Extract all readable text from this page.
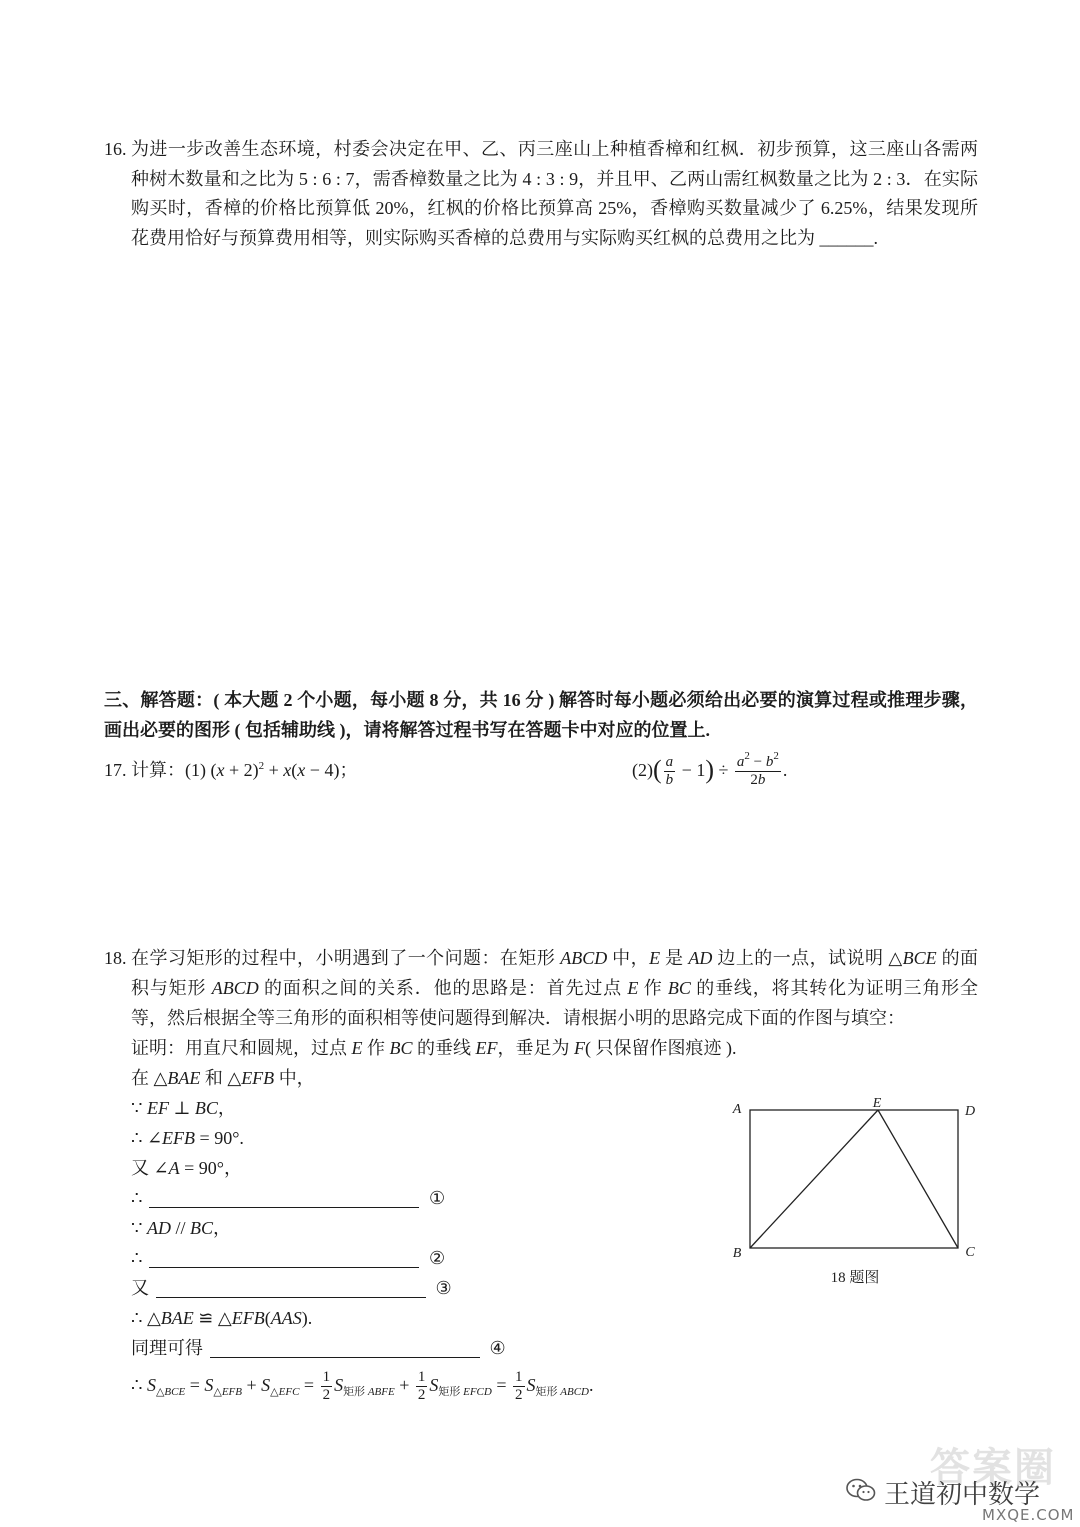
16. 为进一步改善生态环境，村委会决定在甲、乙、丙三座山上种植香樟和红枫．初步预算，这三座山各需两
种树木数量和之比为 5 : 6 : 7，需香樟数量之比为 4 : 3 : 9，并且甲、乙两山需红枫数量之比为 2 : 3．在实际
购买时，香樟的价格比预算低 20%，红枫的价格比预算高 25%，香樟购买数量减少了 6.25%，结果发现所
花费用恰好与预算费用相等，则实际购买香樟的总费用与实际购买红枫的总费用之比为 ______.
三、解答题：( 本大题 2 个小题，每小题 8 分，共 16 分 ) 解答时每小题必须给出必要的演算过程或推理步骤，
画出必要的图形 ( 包括辅助线 )，请将解答过程书写在答题卡中对应的位置上.
17. 计算：(1) $(x + 2)^2 + x(x - 4)$；	$(2)( \frac{a}{b} - 1) \div \frac{a^2 - b^2}{2b}$ .
18. 在学习矩形的过程中，小明遇到了一个问题：在矩形 ABCD 中，E 是 AD 边上的一点，试说明 △BCE 的面
积与矩形 ABCD 的面积之间的关系．他的思路是：首先过点 E 作 BC 的垂线，将其转化为证明三角形全
等，然后根据全等三角形的面积相等使问题得到解决．请根据小明的思路完成下面的作图与填空：
证明：用直尺和圆规，过点 E 作 BC 的垂线 EF，垂足为 F( 只保留作图痕迹 ).
在 △BAE 和 △EFB 中，
∵ EF ⊥ BC，
∴ ∠EFB = 90°.
又 ∠A = 90°，
∴	①
∵ AD // BC，
∴	②
又	③
∴ △BAE ≌ △EFB(AAS).
同理可得	④
∴ $S_{\triangle BCE} = S_{\triangle EFB} + S_{\triangle EFC} = \frac{1}{2} S_{矩形 ABFE} + \frac{1}{2} S_{矩形 EFCD} = \frac{1}{2} S_{矩形 ABCD}$.
A	E
D
B	C
18 题图
答案圈
王道初中数学
MXQE.COM
